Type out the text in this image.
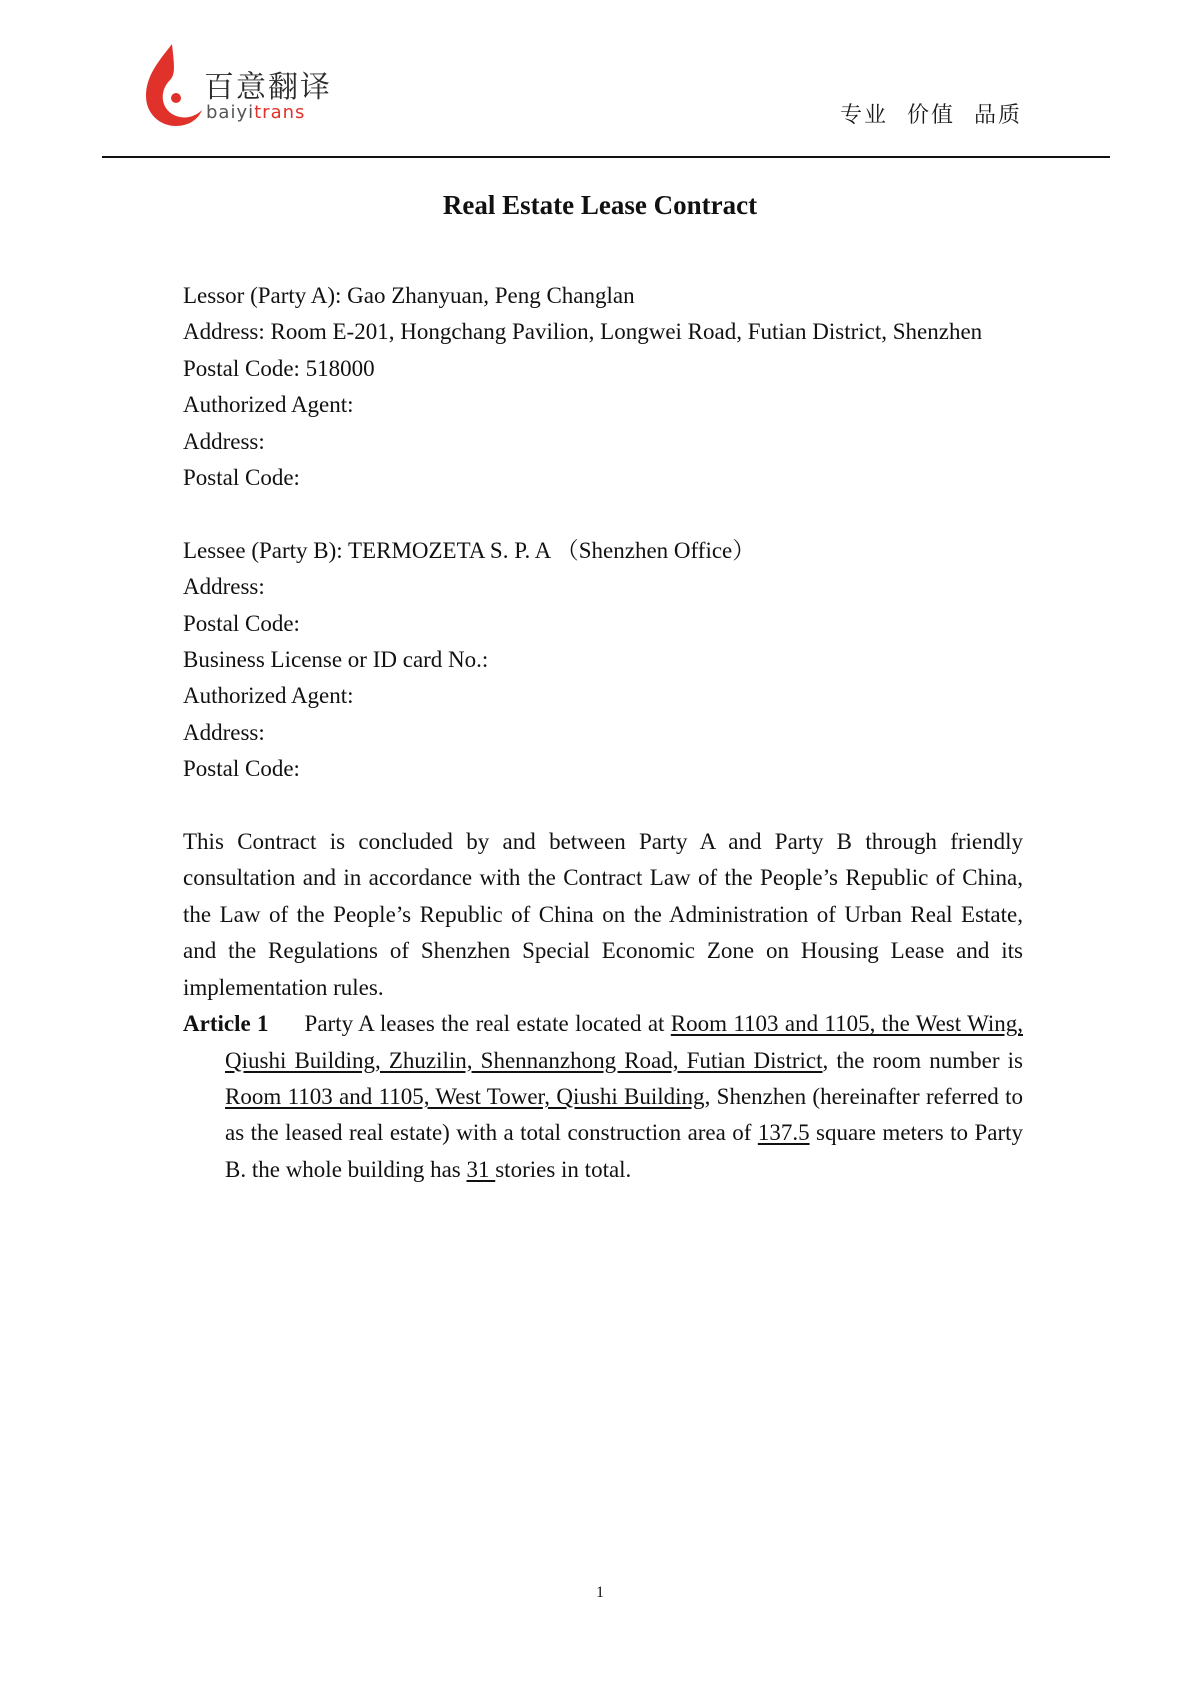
百意翻译
baiyitrans	专业 价值 品质
Real Estate Lease Contract

Lessor (Party A): Gao Zhanyuan, Peng Changlan

Address: Room E-201, Hongchang Pavilion, Longwei Road, Futian District, Shenzhen

Postal Code: 518000

Authorized Agent:

Address:

Postal Code:

Lessee (Party B): TERMOZETA S. P. A （Shenzhen Office）

Address:

Postal Code:

Business License or ID card No.:

Authorized Agent:

Address:

Postal Code:

This Contract is concluded by and between Party A and Party B through friendly consultation and in accordance with the Contract Law of the People’s Republic of China, the Law of the People’s Republic of China on the Administration of Urban Real Estate, and the Regulations of Shenzhen Special Economic Zone on Housing Lease and its implementation rules.

Article 1 Party A leases the real estate located at Room 1103 and 1105, the West Wing, Qiushi Building, Zhuzilin, Shennanzhong Road, Futian District, the room number is Room 1103 and 1105, West Tower, Qiushi Building, Shenzhen (hereinafter referred to as the leased real estate) with a total construction area of 137.5 square meters to Party B. the whole building has 31 stories in total.

1
